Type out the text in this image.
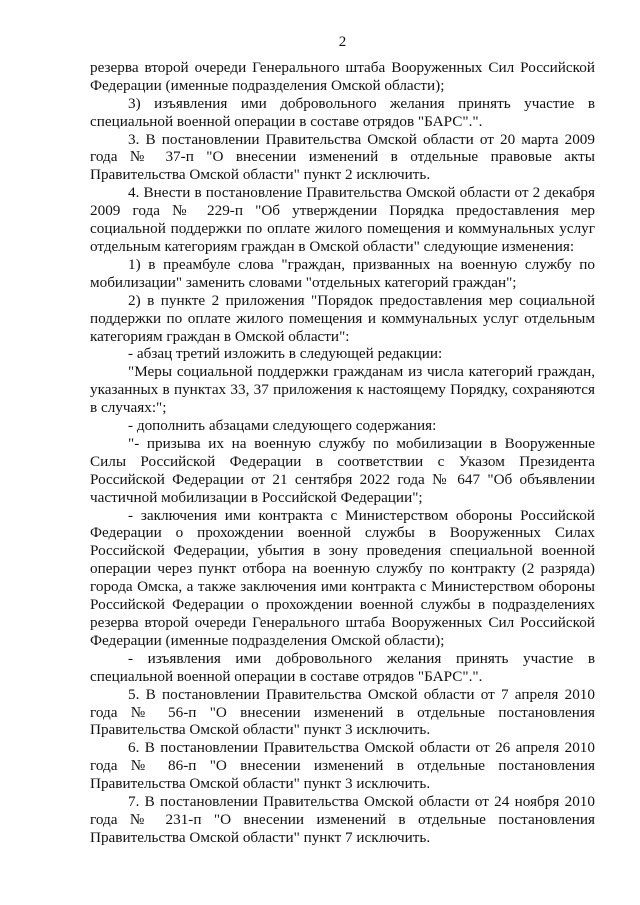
2

резерва второй очереди Генерального штаба Вооруженных Сил Российской Федерации (именные подразделения Омской области);

3) изъявления ими добровольного желания принять участие в специальной военной операции в составе отрядов "БАРС".".

3. В постановлении Правительства Омской области от 20 марта 2009 года № 37-п "О внесении изменений в отдельные правовые акты Правительства Омской области" пункт 2 исключить.

4. Внести в постановление Правительства Омской области от 2 декабря 2009 года № 229-п "Об утверждении Порядка предоставления мер социальной поддержки по оплате жилого помещения и коммунальных услуг отдельным категориям граждан в Омской области" следующие изменения:

1) в преамбуле слова "граждан, призванных на военную службу по мобилизации" заменить словами "отдельных категорий граждан";

2) в пункте 2 приложения "Порядок предоставления мер социальной поддержки по оплате жилого помещения и коммунальных услуг отдельным категориям граждан в Омской области":

- абзац третий изложить в следующей редакции:

"Меры социальной поддержки гражданам из числа категорий граждан, указанных в пунктах 33, 37 приложения к настоящему Порядку, сохраняются в случаях:";

- дополнить абзацами следующего содержания:

"- призыва их на военную службу по мобилизации в Вооруженные Силы Российской Федерации в соответствии с Указом Президента Российской Федерации от 21 сентября 2022 года № 647 "Об объявлении частичной мобилизации в Российской Федерации";

- заключения ими контракта с Министерством обороны Российской Федерации о прохождении военной службы в Вооруженных Силах Российской Федерации, убытия в зону проведения специальной военной операции через пункт отбора на военную службу по контракту (2 разряда) города Омска, а также заключения ими контракта с Министерством обороны Российской Федерации о прохождении военной службы в подразделениях резерва второй очереди Генерального штаба Вооруженных Сил Российской Федерации (именные подразделения Омской области);

- изъявления ими добровольного желания принять участие в специальной военной операции в составе отрядов "БАРС".".

5. В постановлении Правительства Омской области от 7 апреля 2010 года № 56-п "О внесении изменений в отдельные постановления Правительства Омской области" пункт 3 исключить.

6. В постановлении Правительства Омской области от 26 апреля 2010 года № 86-п "О внесении изменений в отдельные постановления Правительства Омской области" пункт 3 исключить.

7. В постановлении Правительства Омской области от 24 ноября 2010 года № 231-п "О внесении изменений в отдельные постановления Правительства Омской области" пункт 7 исключить.
